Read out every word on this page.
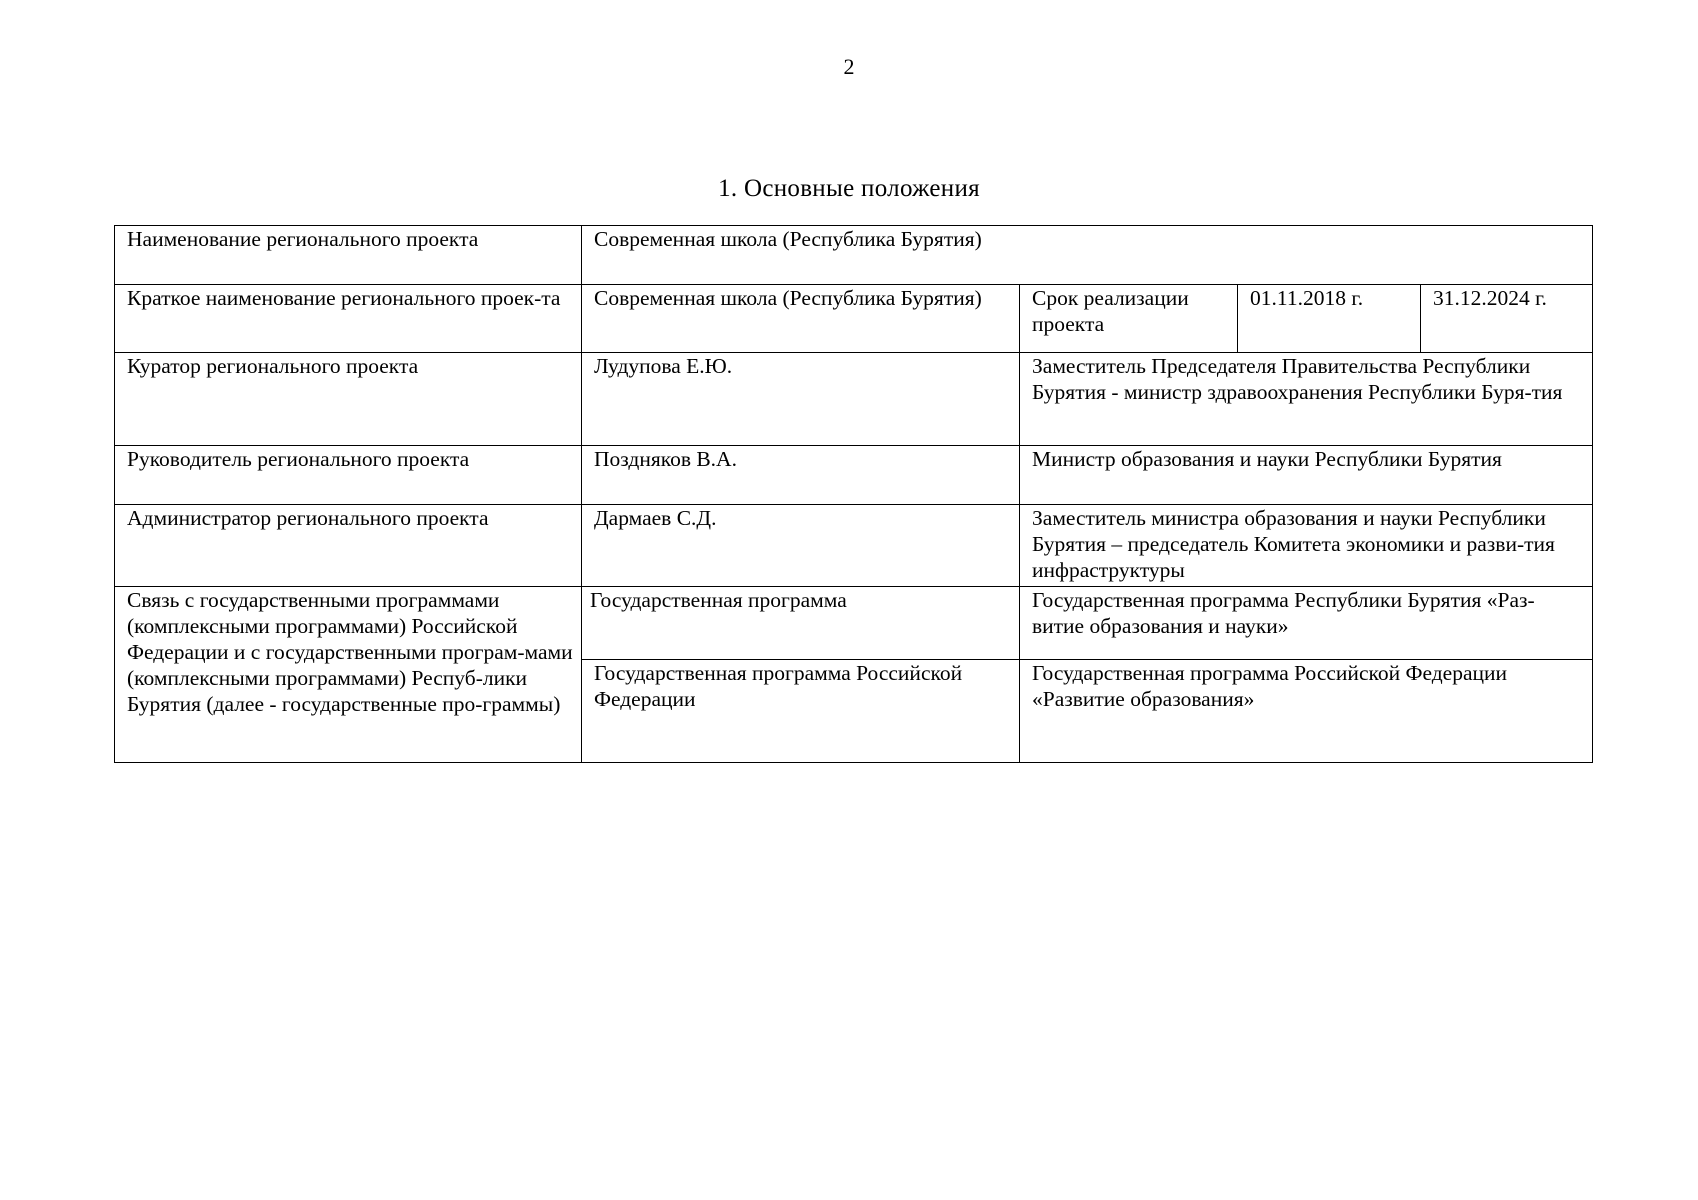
2
1. Основные положения
Наименование регионального проекта	Современная школа (Республика Бурятия)			
Краткое наименование регионального проек-та	Современная школа (Республика Бурятия)	Срок реализации проекта	01.11.2018 г.	31.12.2024 г.
Куратор регионального проекта	Лудупова Е.Ю.	Заместитель Председателя Правительства Республики Бурятия - министр здравоохранения Республики Буря-тия		
Руководитель регионального проекта	Поздняков В.А.	Министр образования и науки Республики Бурятия		
Администратор регионального проекта	Дармаев С.Д.	Заместитель министра образования и науки Республики Бурятия – председатель Комитета экономики и разви-тия инфраструктуры		
Связь с государственными программами (комплексными программами) Российской Федерации и с государственными програм-мами (комплексными программами) Респуб-лики Бурятия (далее - государственные про-граммы)	Государственная программа	Государственная программа Республики Бурятия «Раз-витие образования и науки»		
	Государственная программа Российской Федерации	Государственная программа Российской Федерации «Развитие образования»		
